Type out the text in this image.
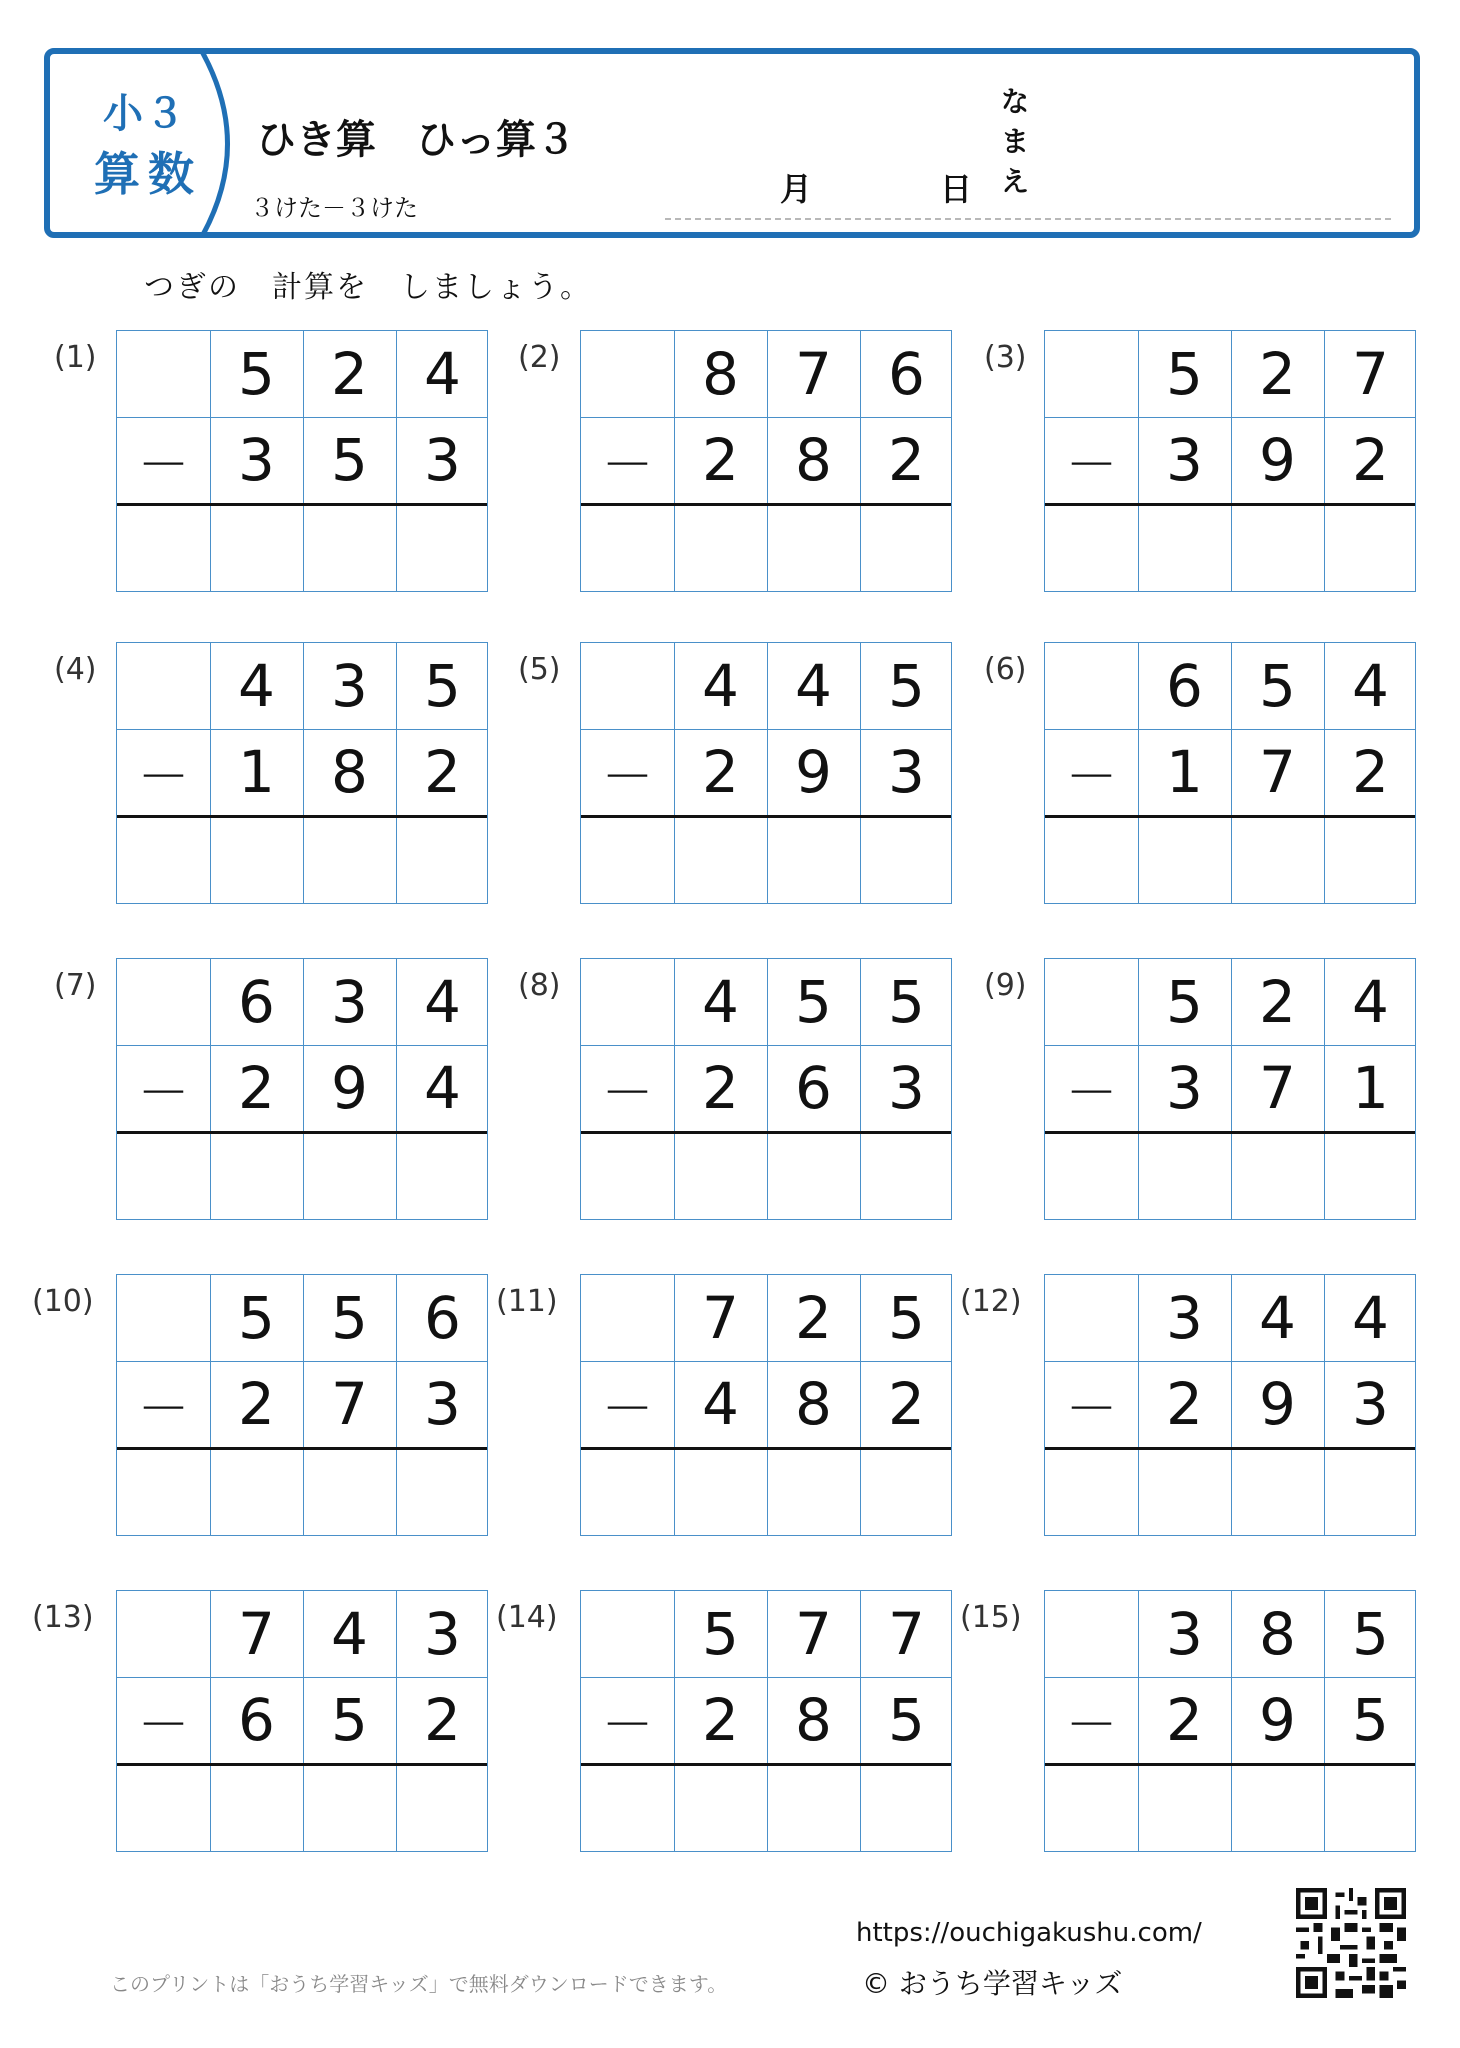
小３
算数
ひき算　ひっ算３
３けた－３けた	月	日
な
ま
え
つぎの　計算を　しましょう。
(1)	5 2 4
－ 3 5 3
(2)	8 7 6
－ 2 8 2
(3)	5 2 7
－ 3 9 2
(4)	4 3 5
－ 1 8 2
(5)	4 4 5
－ 2 9 3
(6)	6 5 4
－ 1 7 2
(7)	6 3 4
－ 2 9 4
(8)	4 5 5
－ 2 6 3
(9)	5 2 4
－ 3 7 1
(10)	5 5 6
－ 2 7 3
(11)	7 2 5
－ 4 8 2
(12)	3 4 4
－ 2 9 3
(13)	7 4 3
－ 6 5 2
(14)	5 7 7
－ 2 8 5
(15)	3 8 5
－ 2 9 5
このプリントは「おうち学習キッズ」で無料ダウンロードできます。
https://ouchigakushu.com/
© おうち学習キッズ
